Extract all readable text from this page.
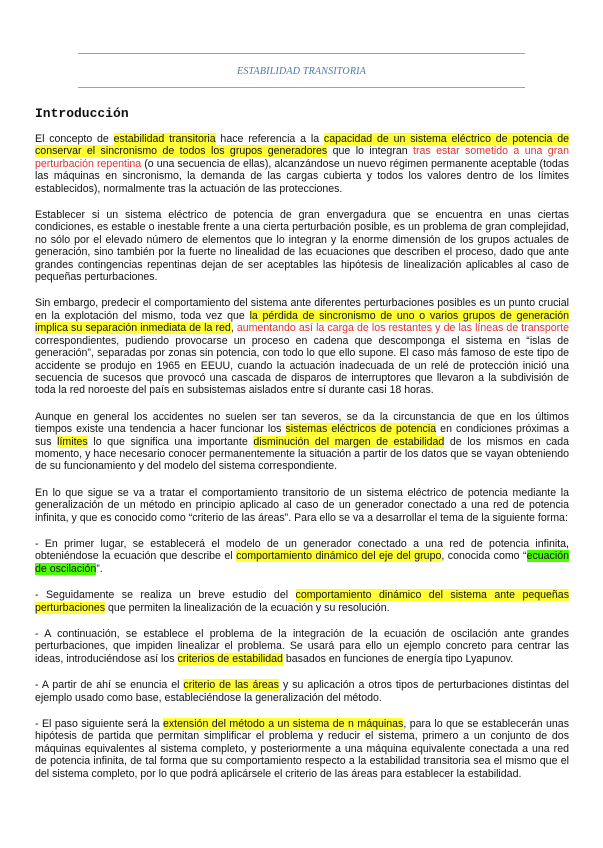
ESTABILIDAD TRANSITORIA
Introducción

El concepto de estabilidad transitoria hace referencia a la capacidad de un sistema eléctrico de potencia de conservar el sincronismo de todos los grupos generadores que lo integran tras estar sometido a una gran perturbación repentina (o una secuencia de ellas), alcanzándose un nuevo régimen permanente aceptable (todas las máquinas en sincronismo, la demanda de las cargas cubierta y todos los valores dentro de los límites establecidos), normalmente tras la actuación de las protecciones.

Establecer si un sistema eléctrico de potencia de gran envergadura que se encuentra en unas ciertas condiciones, es estable o inestable frente a una cierta perturbación posible, es un problema de gran complejidad, no sólo por el elevado número de elementos que lo integran y la enorme dimensión de los grupos actuales de generación, sino también por la fuerte no linealidad de las ecuaciones que describen el proceso, dado que ante grandes contingencias repentinas dejan de ser aceptables las hipótesis de linealización aplicables al caso de pequeñas perturbaciones.

Sin embargo, predecir el comportamiento del sistema ante diferentes perturbaciones posibles es un punto crucial en la explotación del mismo, toda vez que la pérdida de sincronismo de uno o varios grupos de generación implica su separación inmediata de la red, aumentando así la carga de los restantes y de las líneas de transporte correspondientes, pudiendo provocarse un proceso en cadena que descomponga el sistema en “islas de generación”, separadas por zonas sin potencia, con todo lo que ello supone. El caso más famoso de este tipo de accidente se produjo en 1965 en EEUU, cuando la actuación inadecuada de un relé de protección inició una secuencia de sucesos que provocó una cascada de disparos de interruptores que llevaron a la subdivisión de toda la red noroeste del país en subsistemas aislados entre sí durante casi 18 horas.

Aunque en general los accidentes no suelen ser tan severos, se da la circunstancia de que en los últimos tiempos existe una tendencia a hacer funcionar los sistemas eléctricos de potencia en condiciones próximas a sus límites lo que significa una importante disminución del margen de estabilidad de los mismos en cada momento, y hace necesario conocer permanentemente la situación a partir de los datos que se vayan obteniendo de su funcionamiento y del modelo del sistema correspondiente.

En lo que sigue se va a tratar el comportamiento transitorio de un sistema eléctrico de potencia mediante la generalización de un método en principio aplicado al caso de un generador conectado a una red de potencia infinita, y que es conocido como “criterio de las áreas”. Para ello se va a desarrollar el tema de la siguiente forma:

- En primer lugar, se establecerá el modelo de un generador conectado a una red de potencia infinita, obteniéndose la ecuación que describe el comportamiento dinámico del eje del grupo, conocida como “ecuación de oscilación”.

- Seguidamente se realiza un breve estudio del comportamiento dinámico del sistema ante pequeñas perturbaciones que permiten la linealización de la ecuación y su resolución.

- A continuación, se establece el problema de la integración de la ecuación de oscilación ante grandes perturbaciones, que impiden linealizar el problema. Se usará para ello un ejemplo concreto para centrar las ideas, introduciéndose así los criterios de estabilidad basados en funciones de energía tipo Lyapunov.

- A partir de ahí se enuncia el criterio de las áreas y su aplicación a otros tipos de perturbaciones distintas del ejemplo usado como base, estableciéndose la generalización del método.

- El paso siguiente será la extensión del método a un sistema de n máquinas, para lo que se establecerán unas hipótesis de partida que permitan simplificar el problema y reducir el sistema, primero a un conjunto de dos máquinas equivalentes al sistema completo, y posteriormente a una máquina equivalente conectada a una red de potencia infinita, de tal forma que su comportamiento respecto a la estabilidad transitoria sea el mismo que el del sistema completo, por lo que podrá aplicársele el criterio de las áreas para establecer la estabilidad.
